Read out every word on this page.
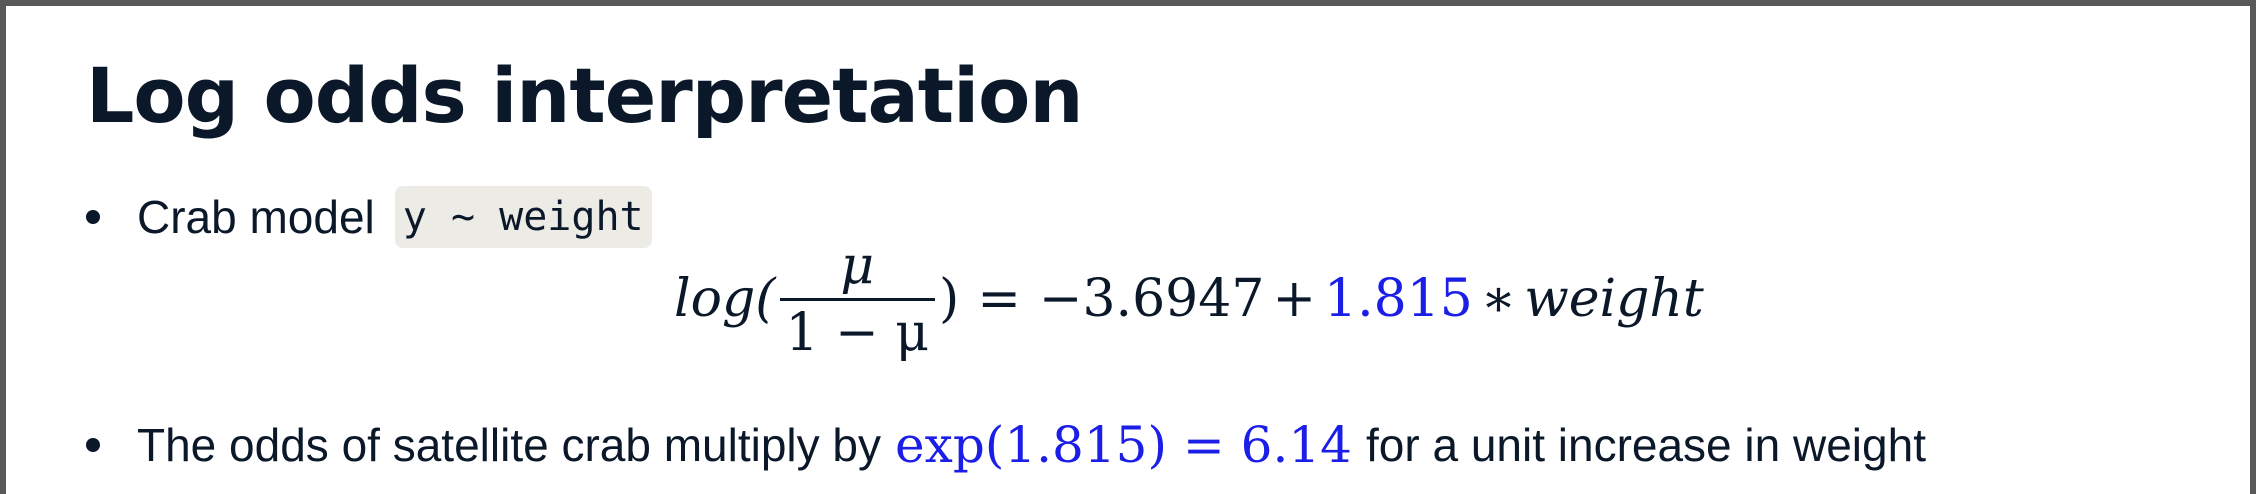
Log odds interpretation
Crab model y ~ weight
$\log( \frac{\mu}{1 - \mu}$ ) = −3.6947 + 1.815 ∗ weight
The odds of satellite crab multiply by exp(1.815) = 6.14 for a unit increase in weight
